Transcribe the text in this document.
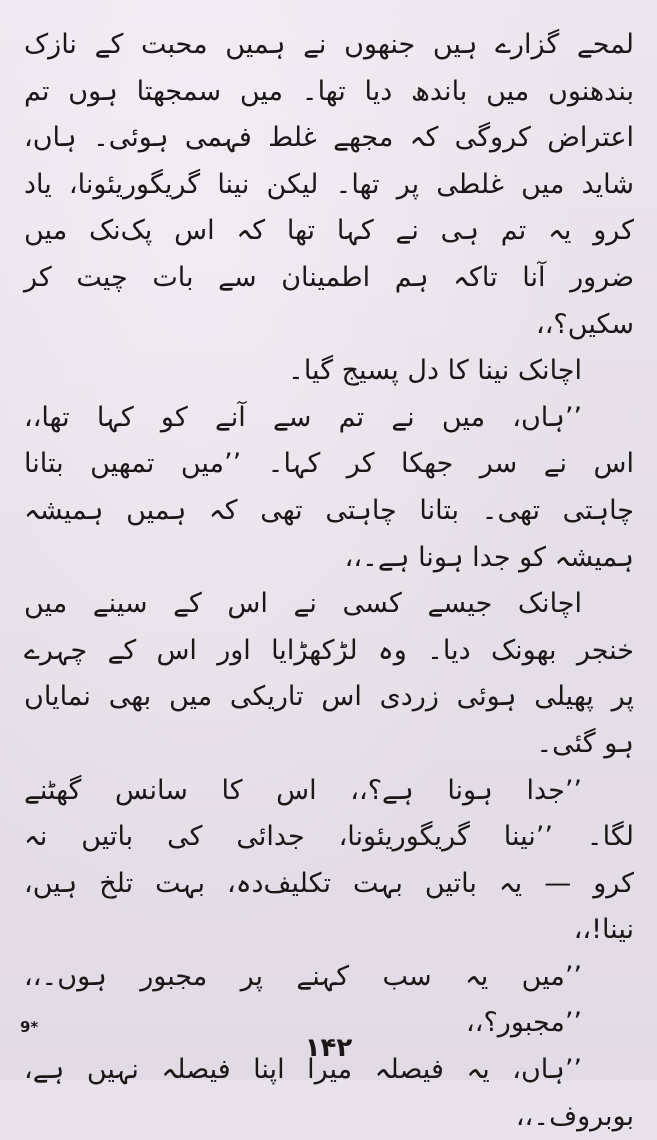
لمحے گزارے ہیں جنھوں نے ہمیں محبت کے نازک
بندھنوں میں باندھ دیا تھا۔ میں سمجھتا ہوں تم
اعتراض کروگی کہ مجھے غلط فہمی ہوئی۔ ہاں،
شاید میں غلطی پر تھا۔ لیکن نینا گریگوریئونا، یاد
کرو یہ تم ہی نے کہا تھا کہ اس پک‌نک میں
ضرور آنا تاکہ ہم اطمینان سے بات چیت کر
سکیں؟،،
اچانک نینا کا دل پسیج گیا۔
’’ہاں، میں نے تم سے آنے کو کہا تھا،،
اس نے سر جھکا کر کہا۔ ’’میں تمھیں بتانا
چاہتی تھی۔ بتانا چاہتی تھی کہ ہمیں ہمیشہ
ہمیشہ کو جدا ہونا ہے۔،،
اچانک جیسے کسی نے اس کے سینے میں
خنجر بھونک دیا۔ وہ لڑکھڑایا اور اس کے چہرے
پر پھیلی ہوئی زردی اس تاریکی میں بھی نمایاں
ہو گئی۔
’’جدا ہونا ہے؟،، اس کا سانس گھٹنے
لگا۔ ’’نینا گریگوریئونا، جدائی کی باتیں نہ
کرو — یہ باتیں بہت تکلیف‌دہ، بہت تلخ ہیں،
نینا!،،
’’میں یہ سب کہنے پر مجبور ہوں۔،،
’’مجبور؟،،
’’ہاں، یہ فیصلہ میرا اپنا فیصلہ نہیں ہے،
بوبروف۔،،
9*
۱۴۲
